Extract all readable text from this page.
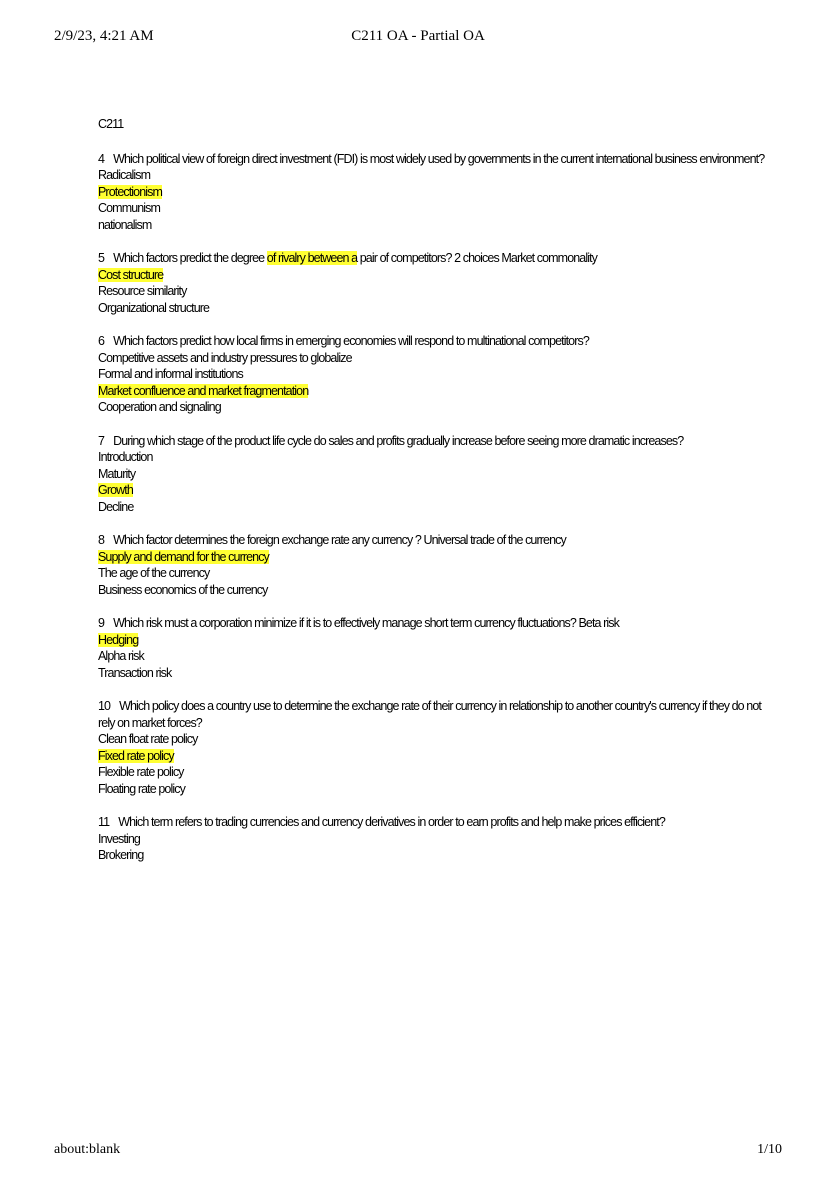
2/9/23, 4:21 AM	C211 OA - Partial OA
C211

4 Which political view of foreign direct investment (FDI) is most widely used by governments in the current international business environment?

Radicalism

Protectionism

Communism

nationalism

5 Which factors predict the degree of rivalry between a pair of competitors? 2 choices Market commonality

Cost structure

Resource similarity

Organizational structure

6 Which factors predict how local firms in emerging economies will respond to multinational competitors?

Competitive assets and industry pressures to globalize

Formal and informal institutions

Market confluence and market fragmentation

Cooperation and signaling

7 During which stage of the product life cycle do sales and profits gradually increase before seeing more dramatic increases?

Introduction

Maturity

Growth

Decline

8 Which factor determines the foreign exchange rate any currency ? Universal trade of the currency

Supply and demand for the currency

The age of the currency

Business economics of the currency

9 Which risk must a corporation minimize if it is to effectively manage short term currency fluctuations? Beta risk

Hedging

Alpha risk

Transaction risk

10 Which policy does a country use to determine the exchange rate of their currency in relationship to another country's currency if they do not rely on market forces?

Clean float rate policy

Fixed rate policy

Flexible rate policy

Floating rate policy

11 Which term refers to trading currencies and currency derivatives in order to earn profits and help make prices efficient?

Investing

Brokering

about:blank	1/10
